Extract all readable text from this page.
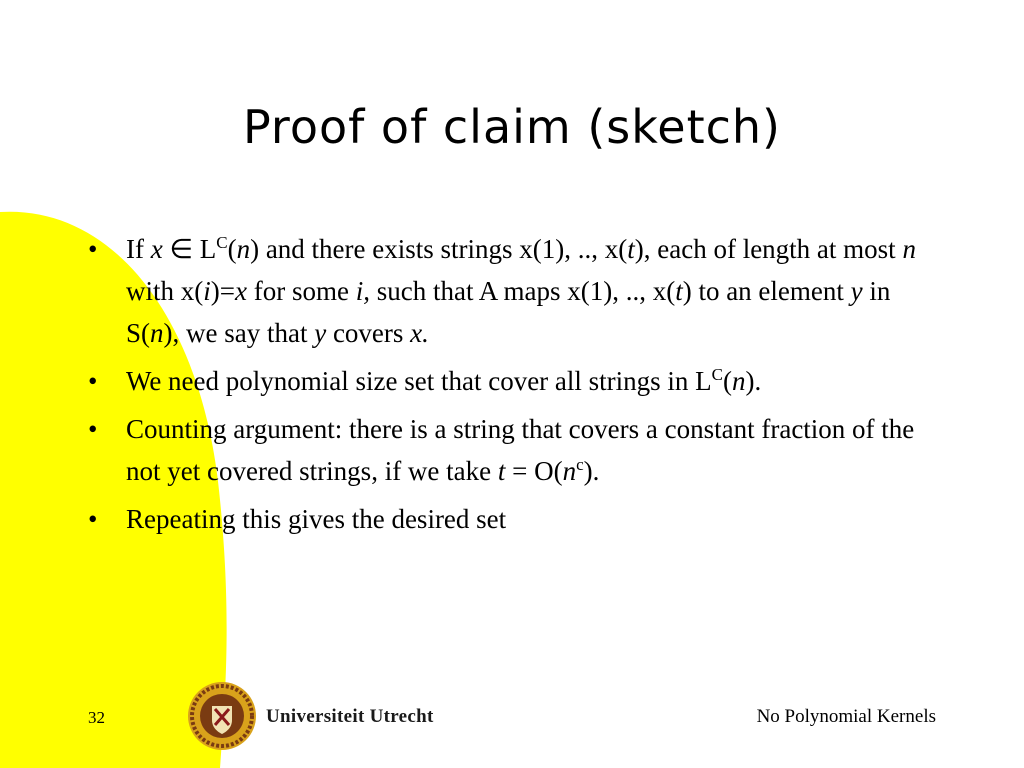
Proof of claim (sketch)
• If x ∈ $L^C(n)$ and there exists strings x(1), .., x(t), each of length at most n with x(i)=x for some i, such that A maps x(1), .., x(t) to an element y in S(n), we say that y covers x.
• We need polynomial size set that cover all strings in $L^C(n)$.
• Counting argument: there is a string that covers a constant fraction of the not yet covered strings, if we take $t = O(n^c)$.
• Repeating this gives the desired set
32	Universiteit Utrecht	No Polynomial Kernels
